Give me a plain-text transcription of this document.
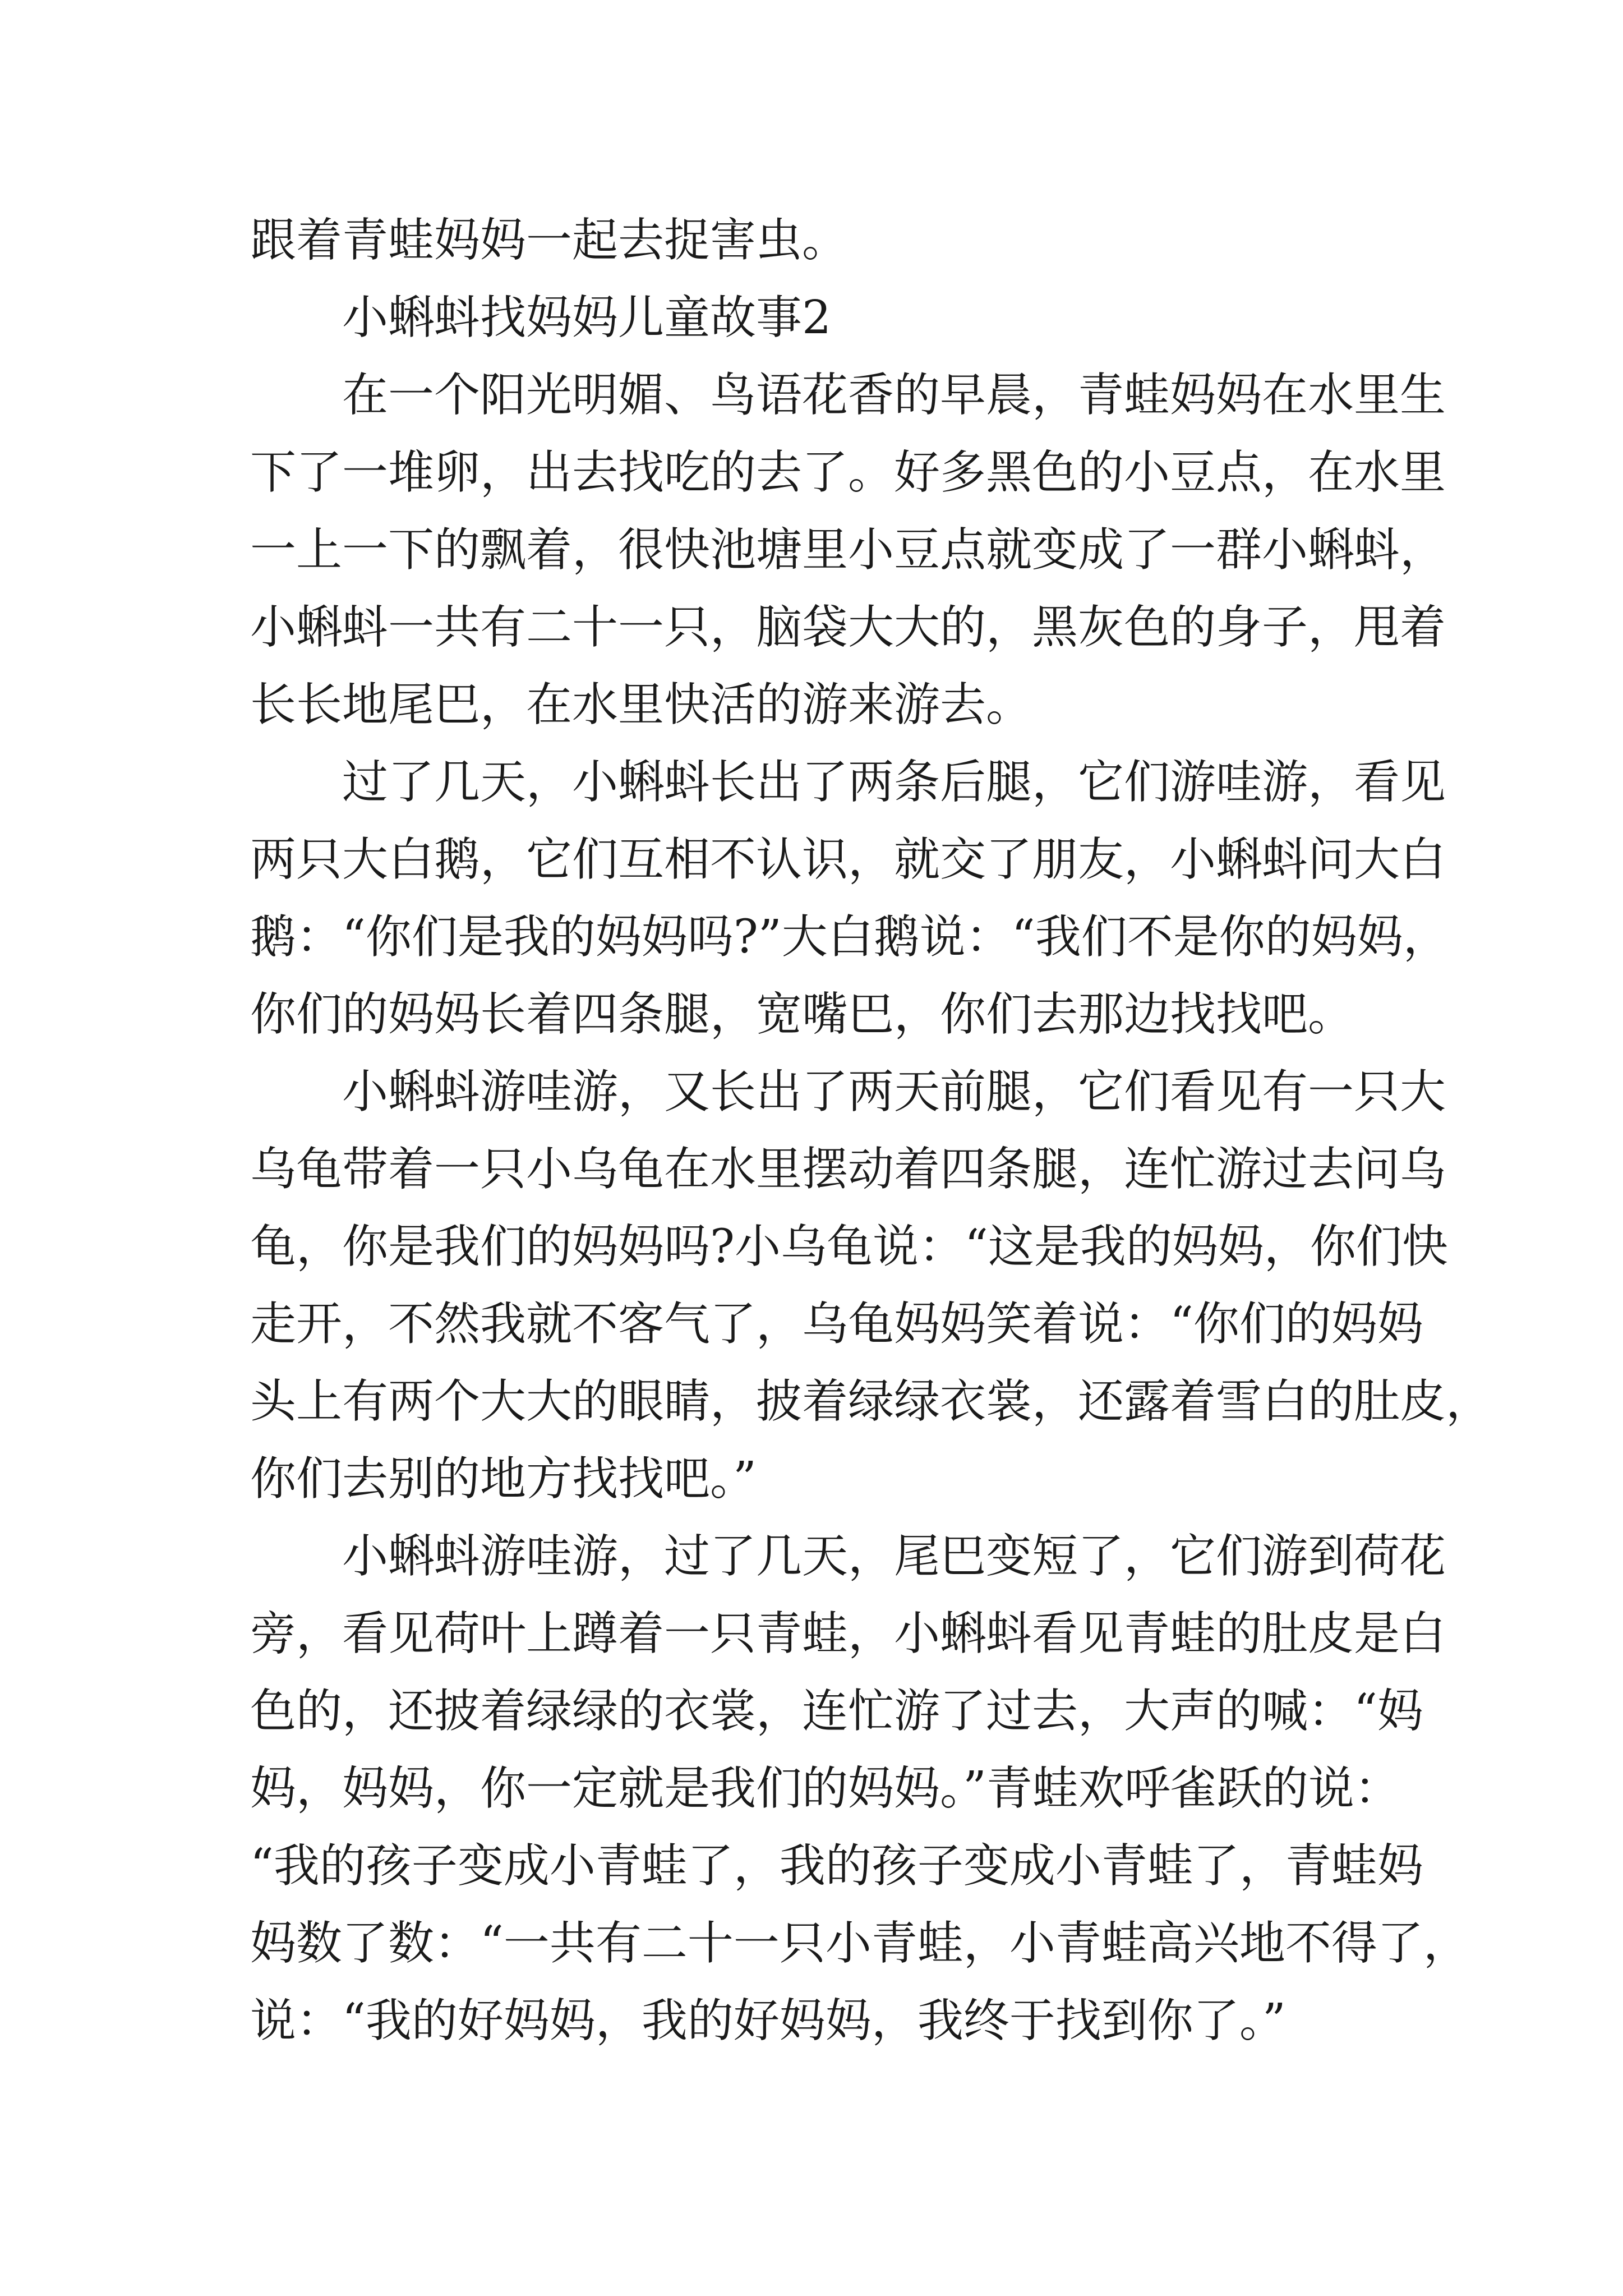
跟着青蛙妈妈一起去捉害虫。
小蝌蚪找妈妈儿童故事2
在一个阳光明媚、鸟语花香的早晨，青蛙妈妈在水里生
下了一堆卵，出去找吃的去了。好多黑色的小豆点，在水里
一上一下的飘着，很快池塘里小豆点就变成了一群小蝌蚪，
小蝌蚪一共有二十一只，脑袋大大的，黑灰色的身子，甩着
长长地尾巴，在水里快活的游来游去。
过了几天，小蝌蚪长出了两条后腿，它们游哇游，看见
两只大白鹅，它们互相不认识，就交了朋友，小蝌蚪问大白
鹅：“你们是我的妈妈吗?”大白鹅说：“我们不是你的妈妈，
你们的妈妈长着四条腿，宽嘴巴，你们去那边找找吧。
小蝌蚪游哇游，又长出了两天前腿，它们看见有一只大
乌龟带着一只小乌龟在水里摆动着四条腿，连忙游过去问乌
龟，你是我们的妈妈吗?小乌龟说：“这是我的妈妈，你们快
走开，不然我就不客气了，乌龟妈妈笑着说：“你们的妈妈
头上有两个大大的眼睛，披着绿绿衣裳，还露着雪白的肚皮，
你们去别的地方找找吧。”
小蝌蚪游哇游，过了几天，尾巴变短了，它们游到荷花
旁，看见荷叶上蹲着一只青蛙，小蝌蚪看见青蛙的肚皮是白
色的，还披着绿绿的衣裳，连忙游了过去，大声的喊：“妈
妈，妈妈，你一定就是我们的妈妈。”青蛙欢呼雀跃的说：
“我的孩子变成小青蛙了，我的孩子变成小青蛙了，青蛙妈
妈数了数：“一共有二十一只小青蛙，小青蛙高兴地不得了，
说：“我的好妈妈，我的好妈妈，我终于找到你了。”
